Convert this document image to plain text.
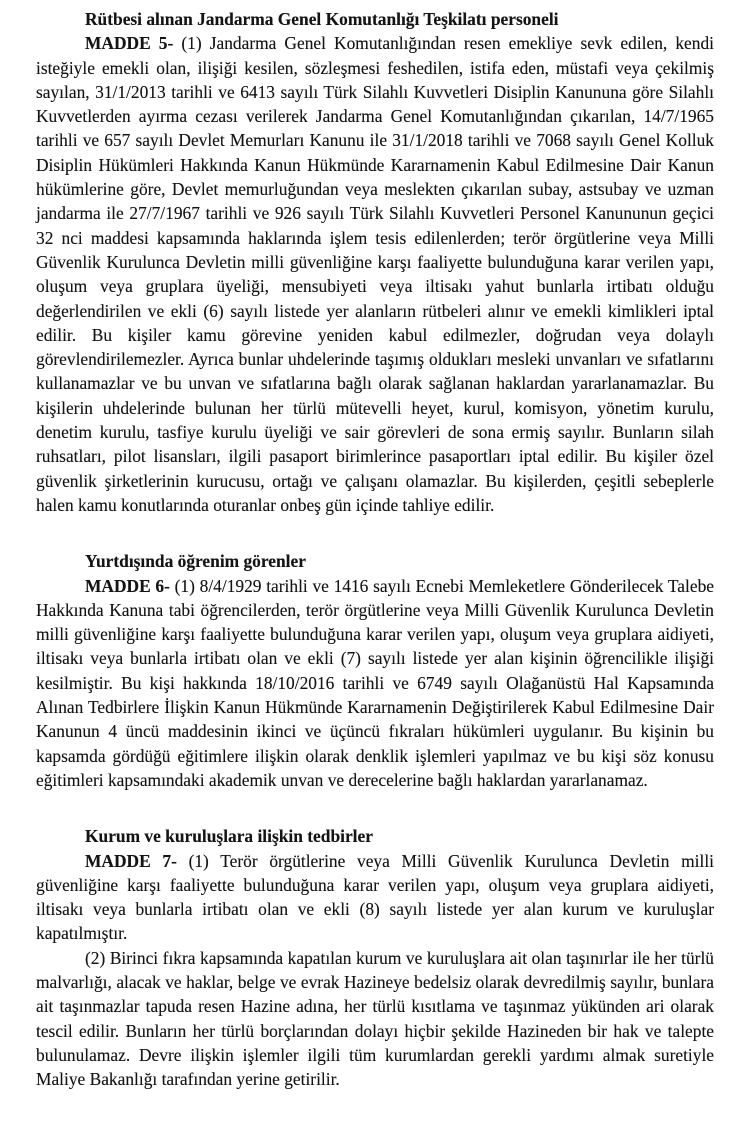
Rütbesi alınan Jandarma Genel Komutanlığı Teşkilatı personeli

MADDE 5- (1) Jandarma Genel Komutanlığından resen emekliye sevk edilen, kendi isteğiyle emekli olan, ilişiği kesilen, sözleşmesi feshedilen, istifa eden, müstafi veya çekilmiş sayılan, 31/1/2013 tarihli ve 6413 sayılı Türk Silahlı Kuvvetleri Disiplin Kanununa göre Silahlı Kuvvetlerden ayırma cezası verilerek Jandarma Genel Komutanlığından çıkarılan, 14/7/1965 tarihli ve 657 sayılı Devlet Memurları Kanunu ile 31/1/2018 tarihli ve 7068 sayılı Genel Kolluk Disiplin Hükümleri Hakkında Kanun Hükmünde Kararnamenin Kabul Edilmesine Dair Kanun hükümlerine göre, Devlet memurluğundan veya meslekten çıkarılan subay, astsubay ve uzman jandarma ile 27/7/1967 tarihli ve 926 sayılı Türk Silahlı Kuvvetleri Personel Kanununun geçici 32 nci maddesi kapsamında haklarında işlem tesis edilenlerden; terör örgütlerine veya Milli Güvenlik Kurulunca Devletin milli güvenliğine karşı faaliyette bulunduğuna karar verilen yapı, oluşum veya gruplara üyeliği, mensubiyeti veya iltisakı yahut bunlarla irtibatı olduğu değerlendirilen ve ekli (6) sayılı listede yer alanların rütbeleri alınır ve emekli kimlikleri iptal edilir. Bu kişiler kamu görevine yeniden kabul edilmezler, doğrudan veya dolaylı görevlendirilemezler. Ayrıca bunlar uhdelerinde taşımış oldukları mesleki unvanları ve sıfatlarını kullanamazlar ve bu unvan ve sıfatlarına bağlı olarak sağlanan haklardan yararlanamazlar. Bu kişilerin uhdelerinde bulunan her türlü mütevelli heyet, kurul, komisyon, yönetim kurulu, denetim kurulu, tasfiye kurulu üyeliği ve sair görevleri de sona ermiş sayılır. Bunların silah ruhsatları, pilot lisansları, ilgili pasaport birimlerince pasaportları iptal edilir. Bu kişiler özel güvenlik şirketlerinin kurucusu, ortağı ve çalışanı olamazlar. Bu kişilerden, çeşitli sebeplerle halen kamu konutlarında oturanlar onbeş gün içinde tahliye edilir.

Yurtdışında öğrenim görenler

MADDE 6- (1) 8/4/1929 tarihli ve 1416 sayılı Ecnebi Memleketlere Gönderilecek Talebe Hakkında Kanuna tabi öğrencilerden, terör örgütlerine veya Milli Güvenlik Kurulunca Devletin milli güvenliğine karşı faaliyette bulunduğuna karar verilen yapı, oluşum veya gruplara aidiyeti, iltisakı veya bunlarla irtibatı olan ve ekli (7) sayılı listede yer alan kişinin öğrencilikle ilişiği kesilmiştir. Bu kişi hakkında 18/10/2016 tarihli ve 6749 sayılı Olağanüstü Hal Kapsamında Alınan Tedbirlere İlişkin Kanun Hükmünde Kararnamenin Değiştirilerek Kabul Edilmesine Dair Kanunun 4 üncü maddesinin ikinci ve üçüncü fıkraları hükümleri uygulanır. Bu kişinin bu kapsamda gördüğü eğitimlere ilişkin olarak denklik işlemleri yapılmaz ve bu kişi söz konusu eğitimleri kapsamındaki akademik unvan ve derecelerine bağlı haklardan yararlanamaz.

Kurum ve kuruluşlara ilişkin tedbirler

MADDE 7- (1) Terör örgütlerine veya Milli Güvenlik Kurulunca Devletin milli güvenliğine karşı faaliyette bulunduğuna karar verilen yapı, oluşum veya gruplara aidiyeti, iltisakı veya bunlarla irtibatı olan ve ekli (8) sayılı listede yer alan kurum ve kuruluşlar kapatılmıştır.

(2) Birinci fıkra kapsamında kapatılan kurum ve kuruluşlara ait olan taşınırlar ile her türlü malvarlığı, alacak ve haklar, belge ve evrak Hazineye bedelsiz olarak devredilmiş sayılır, bunlara ait taşınmazlar tapuda resen Hazine adına, her türlü kısıtlama ve taşınmaz yükünden ari olarak tescil edilir. Bunların her türlü borçlarından dolayı hiçbir şekilde Hazineden bir hak ve talepte bulunulamaz. Devre ilişkin işlemler ilgili tüm kurumlardan gerekli yardımı almak suretiyle Maliye Bakanlığı tarafından yerine getirilir.
